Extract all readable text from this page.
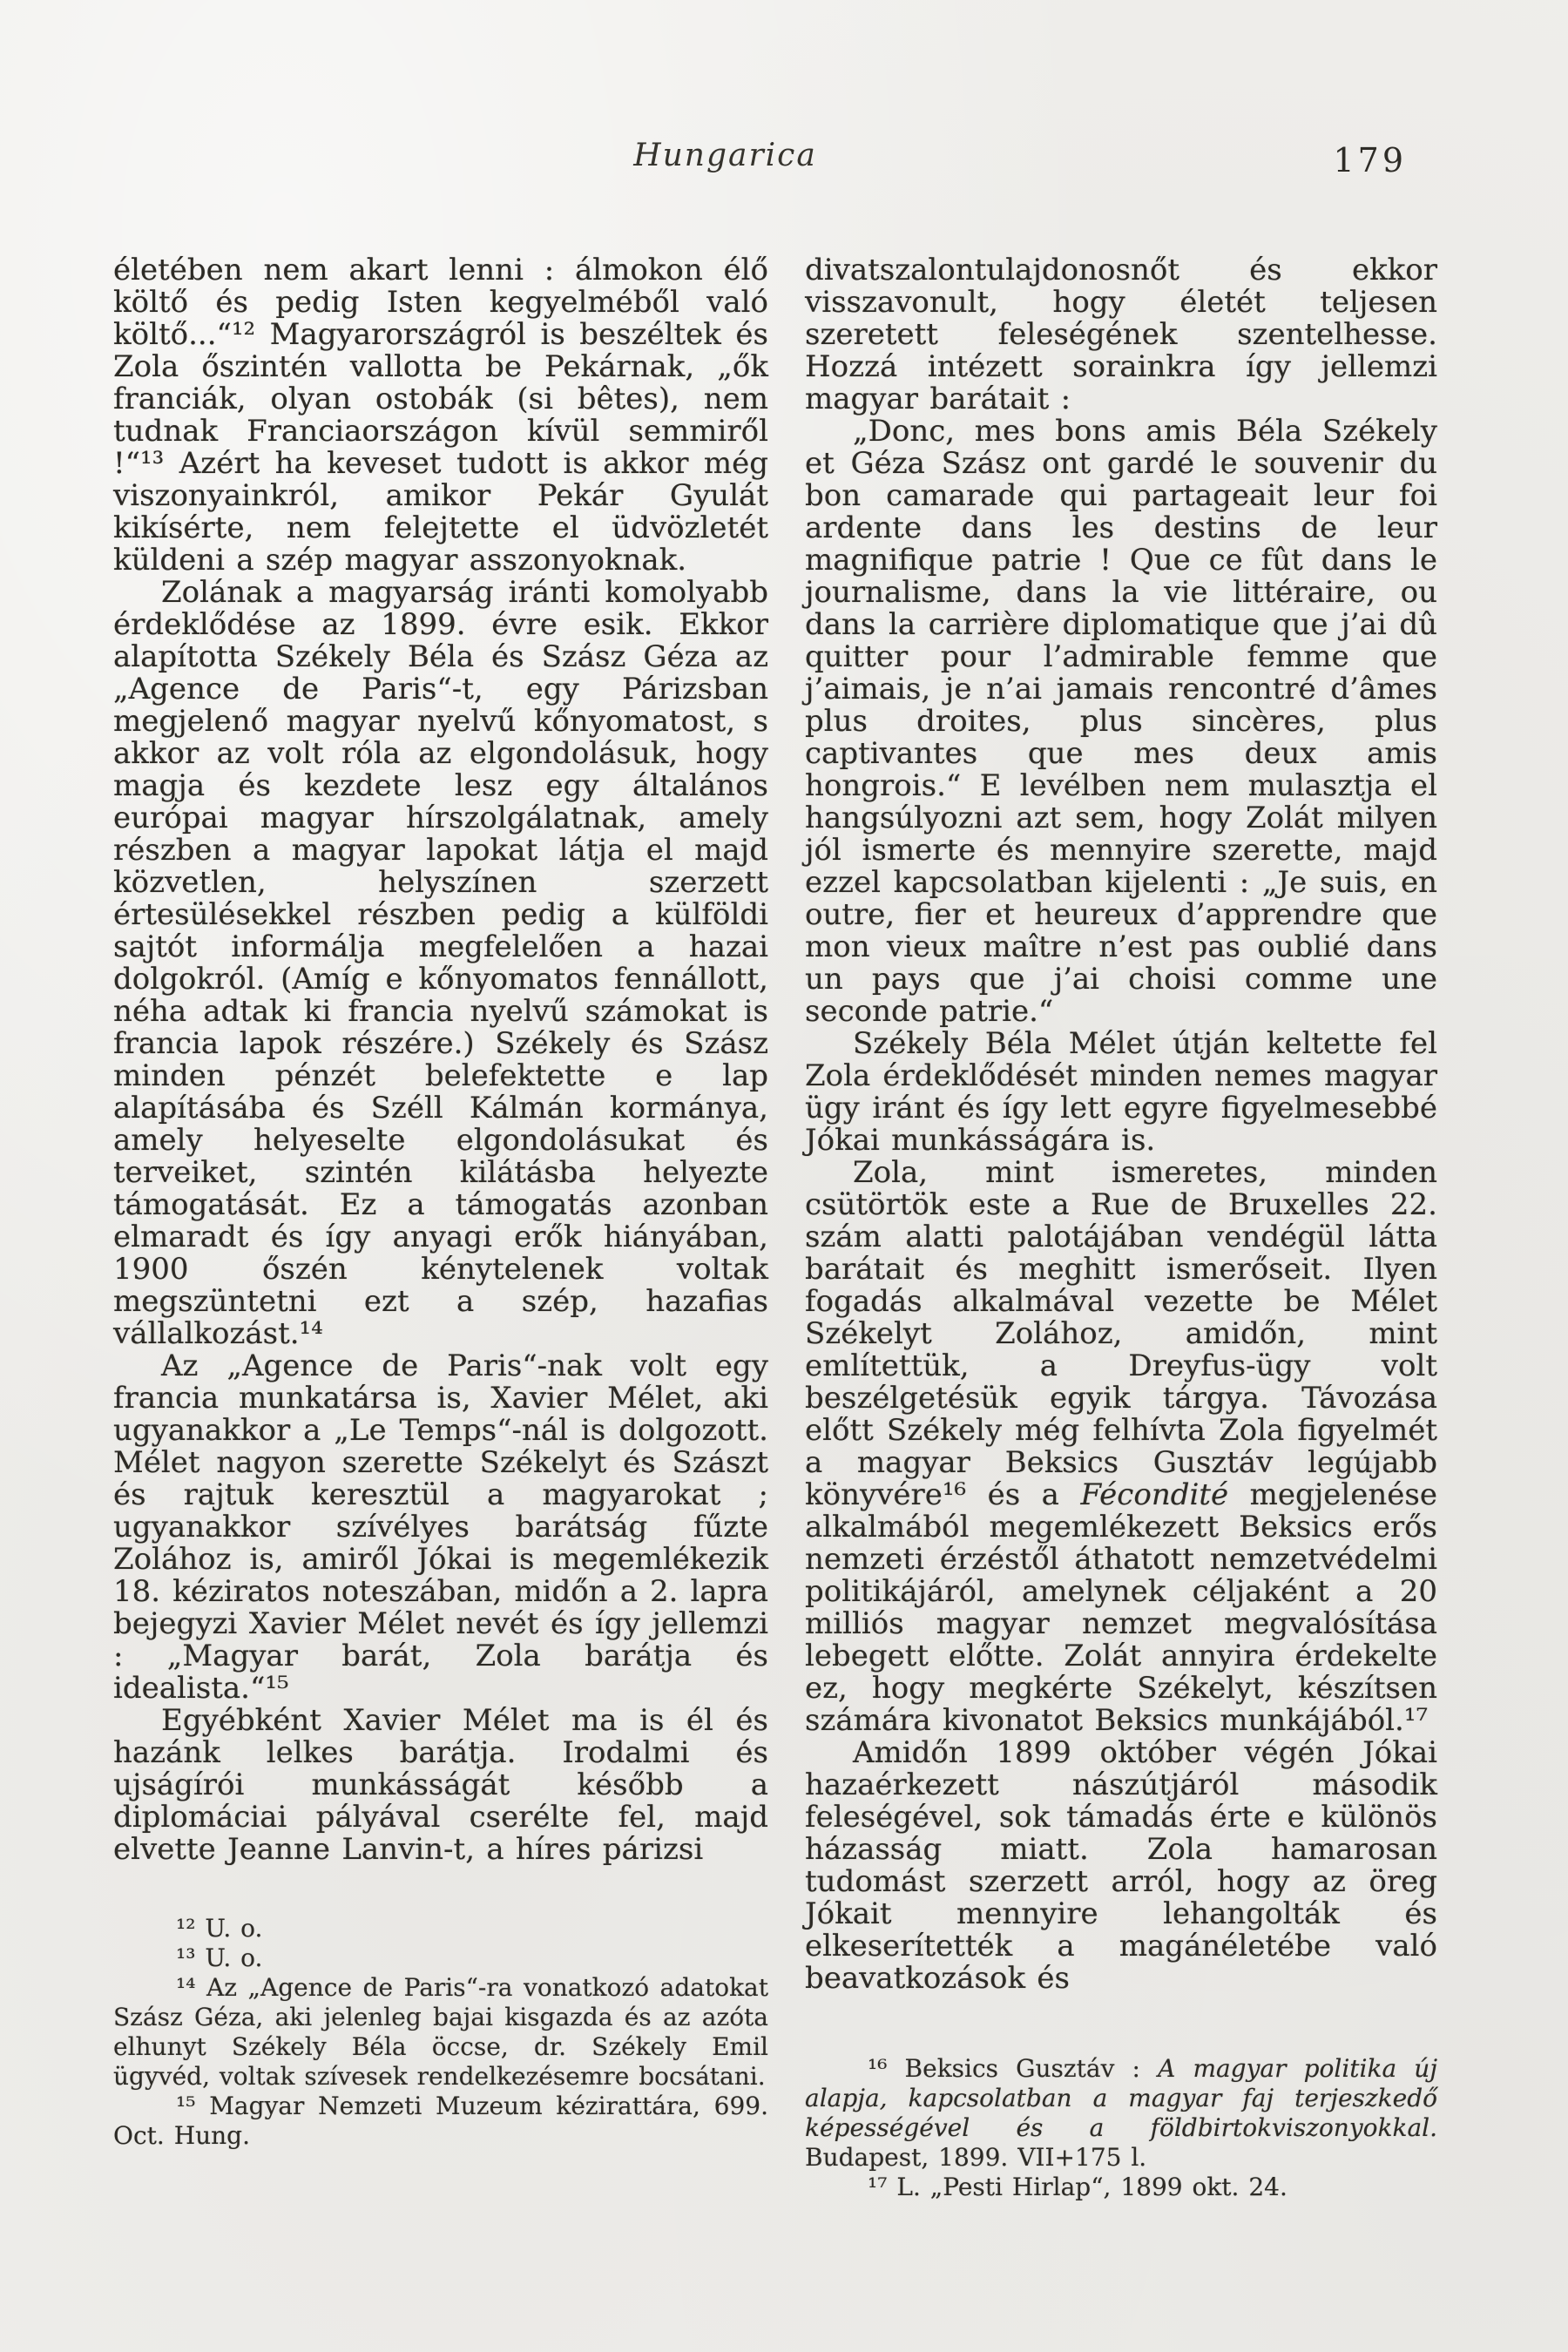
Hungarica	179

életében nem akart lenni : álmokon élő költő és pedig Isten kegyelméből való költő...“¹² Magyarországról is beszéltek és Zola őszintén vallotta be Pekárnak, „ők franciák, olyan ostobák (si bêtes), nem tudnak Franciaországon kívül semmiről !“¹³ Azért ha keveset tudott is akkor még viszonyainkról, amikor Pekár Gyulát kikísérte, nem felejtette el üdvözletét küldeni a szép magyar asszonyoknak.

Zolának a magyarság iránti komolyabb érdeklődése az 1899. évre esik. Ekkor alapította Székely Béla és Szász Géza az „Agence de Paris“-t, egy Párizsban megjelenő magyar nyelvű kőnyomatost, s akkor az volt róla az elgondolásuk, hogy magja és kezdete lesz egy általános európai magyar hírszolgálatnak, amely részben a magyar lapokat látja el majd közvetlen, helyszínen szerzett értesülésekkel részben pedig a külföldi sajtót informálja megfelelően a hazai dolgokról. (Amíg e kőnyomatos fennállott, néha adtak ki francia nyelvű számokat is francia lapok részére.) Székely és Szász minden pénzét belefektette e lap alapításába és Széll Kálmán kormánya, amely helyeselte elgondolásukat és terveiket, szintén kilátásba helyezte támogatását. Ez a támogatás azonban elmaradt és így anyagi erők hiányában, 1900 őszén kénytelenek voltak megszüntetni ezt a szép, hazafias vállalkozást.¹⁴

Az „Agence de Paris“-nak volt egy francia munkatársa is, Xavier Mélet, aki ugyanakkor a „Le Temps“-nál is dolgozott. Mélet nagyon szerette Székelyt és Szászt és rajtuk keresztül a magyarokat ; ugyanakkor szívélyes barátság fűzte Zolához is, amiről Jókai is megemlékezik 18. kéziratos noteszában, midőn a 2. lapra bejegyzi Xavier Mélet nevét és így jellemzi : „Magyar barát, Zola barátja és idealista.“¹⁵

Egyébként Xavier Mélet ma is él és hazánk lelkes barátja. Irodalmi és ujságírói munkásságát később a diplomáciai pályával cserélte fel, majd elvette Jeanne Lanvin-t, a híres párizsi

¹² U. o.

¹³ U. o.

¹⁴ Az „Agence de Paris“-ra vonatkozó adatokat Szász Géza, aki jelenleg bajai kisgazda és az azóta elhunyt Székely Béla öccse, dr. Székely Emil ügyvéd, voltak szívesek rendelkezésemre bocsátani.

¹⁵ Magyar Nemzeti Muzeum kézirattára, 699. Oct. Hung.

divatszalontulajdonosnőt és ekkor visszavonult, hogy életét teljesen szeretett feleségének szentelhesse. Hozzá intézett sorainkra így jellemzi magyar barátait :

„Donc, mes bons amis Béla Székely et Géza Szász ont gardé le souvenir du bon camarade qui partageait leur foi ardente dans les destins de leur magnifique patrie ! Que ce fût dans le journalisme, dans la vie littéraire, ou dans la carrière diplomatique que j’ai dû quitter pour l’admirable femme que j’aimais, je n’ai jamais rencontré d’âmes plus droites, plus sincères, plus captivantes que mes deux amis hongrois.“ E levélben nem mulasztja el hangsúlyozni azt sem, hogy Zolát milyen jól ismerte és mennyire szerette, majd ezzel kapcsolatban kijelenti : „Je suis, en outre, fier et heureux d’apprendre que mon vieux maître n’est pas oublié dans un pays que j’ai choisi comme une seconde patrie.“

Székely Béla Mélet útján keltette fel Zola érdeklődését minden nemes magyar ügy iránt és így lett egyre figyelmesebbé Jókai munkásságára is.

Zola, mint ismeretes, minden csütörtök este a Rue de Bruxelles 22. szám alatti palotájában vendégül látta barátait és meghitt ismerőseit. Ilyen fogadás alkalmával vezette be Mélet Székelyt Zolához, amidőn, mint említettük, a Dreyfus-ügy volt beszélgetésük egyik tárgya. Távozása előtt Székely még felhívta Zola figyelmét a magyar Beksics Gusztáv legújabb könyvére¹⁶ és a Fécondité megjelenése alkalmából megemlékezett Beksics erős nemzeti érzéstől áthatott nemzetvédelmi politikájáról, amelynek céljaként a 20 milliós magyar nemzet megvalósítása lebegett előtte. Zolát annyira érdekelte ez, hogy megkérte Székelyt, készítsen számára kivonatot Beksics munkájából.¹⁷

Amidőn 1899 október végén Jókai hazaérkezett nászútjáról második feleségével, sok támadás érte e különös házasság miatt. Zola hamarosan tudomást szerzett arról, hogy az öreg Jókait mennyire lehangolták és elkeserítették a magánéletébe való beavatkozások és

¹⁶ Beksics Gusztáv : A magyar politika új alapja, kapcsolatban a magyar faj terjeszkedő képességével és a földbirtokviszonyokkal. Budapest, 1899. VII+175 l.

¹⁷ L. „Pesti Hirlap“, 1899 okt. 24.
